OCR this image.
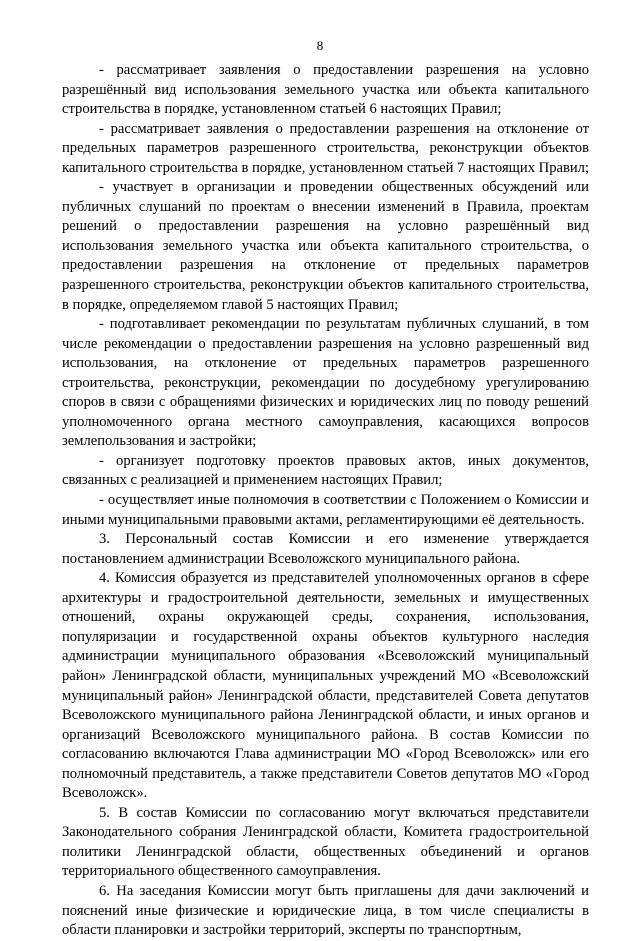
8

- рассматривает заявления о предоставлении разрешения на условно разрешённый вид использования земельного участка или объекта капитального строительства в порядке, установленном статьей 6 настоящих Правил;

- рассматривает заявления о предоставлении разрешения на отклонение от предельных параметров разрешенного строительства, реконструкции объектов капитального строительства в порядке, установленном статьей 7 настоящих Правил;

- участвует в организации и проведении общественных обсуждений или публичных слушаний по проектам о внесении изменений в Правила, проектам решений о предоставлении разрешения на условно разрешённый вид использования земельного участка или объекта капитального строительства, о предоставлении разрешения на отклонение от предельных параметров разрешенного строительства, реконструкции объектов капитального строительства, в порядке, определяемом главой 5 настоящих Правил;

- подготавливает рекомендации по результатам публичных слушаний, в том числе рекомендации о предоставлении разрешения на условно разрешенный вид использования, на отклонение от предельных параметров разрешенного строительства, реконструкции, рекомендации по досудебному урегулированию споров в связи с обращениями физических и юридических лиц по поводу решений уполномоченного органа местного самоуправления, касающихся вопросов землепользования и застройки;

- организует подготовку проектов правовых актов, иных документов, связанных с реализацией и применением настоящих Правил;

- осуществляет иные полномочия в соответствии с Положением о Комиссии и иными муниципальными правовыми актами, регламентирующими её деятельность.

3. Персональный состав Комиссии и его изменение утверждается постановлением администрации Всеволожского муниципального района.

4. Комиссия образуется из представителей уполномоченных органов в сфере архитектуры и градостроительной деятельности, земельных и имущественных отношений, охраны окружающей среды, сохранения, использования, популяризации и государственной охраны объектов культурного наследия администрации муниципального образования «Всеволожский муниципальный район» Ленинградской области, муниципальных учреждений МО «Всеволожский муниципальный район» Ленинградской области, представителей Совета депутатов Всеволожского муниципального района Ленинградской области, и иных органов и организаций Всеволожского муниципального района. В состав Комиссии по согласованию включаются Глава администрации МО «Город Всеволожск» или его полномочный представитель, а также представители Советов депутатов МО «Город Всеволожск».

5. В состав Комиссии по согласованию могут включаться представители Законодательного собрания Ленинградской области, Комитета градостроительной политики Ленинградской области, общественных объединений и органов территориального общественного самоуправления.

6. На заседания Комиссии могут быть приглашены для дачи заключений и пояснений иные физические и юридические лица, в том числе специалисты в области планировки и застройки территорий, эксперты по транспортным,
